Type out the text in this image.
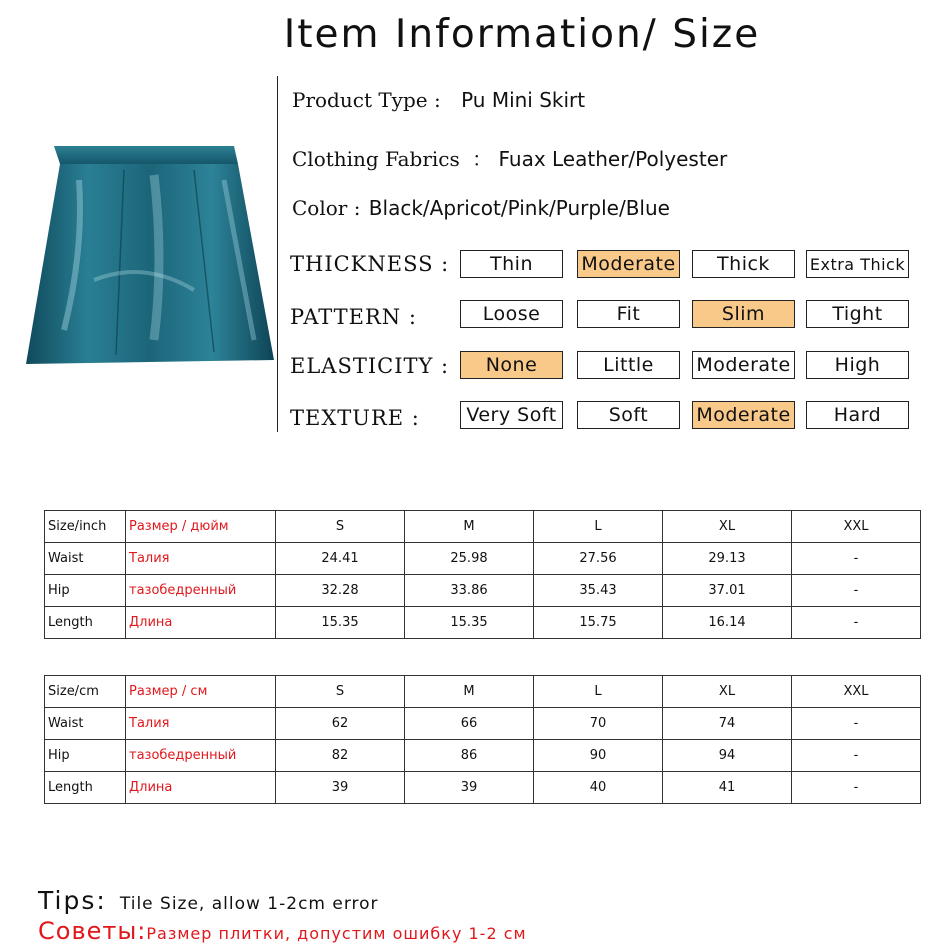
Item Information/ Size
Product Type : Pu Mini Skirt
Clothing Fabrics ： Fuax Leather/Polyester
Color : Black/Apricot/Pink/Purple/Blue
THICKNESS :	Thin	Moderate	Thick	Extra Thick
PATTERN :	Loose	Fit	Slim	Tight
ELASTICITY :	None	Little	Moderate	High
TEXTURE :	Very Soft	Soft	Moderate	Hard
Size/inch	Размер / дюйм	S	M	L	XL	XXL
Waist	Талия	24.41	25.98	27.56	29.13	-
Hip	тазобедренный	32.28	33.86	35.43	37.01	-
Length	Длина	15.35	15.35	15.75	16.14	-
Size/cm	Размер / см	S	M	L	XL	XXL
Waist	Талия	62	66	70	74	-
Hip	тазобедренный	82	86	90	94	-
Length	Длина	39	39	40	41	-
Tips: Tile Size, allow 1-2cm error
Советы:Размер плитки, допустим ошибку 1-2 см
